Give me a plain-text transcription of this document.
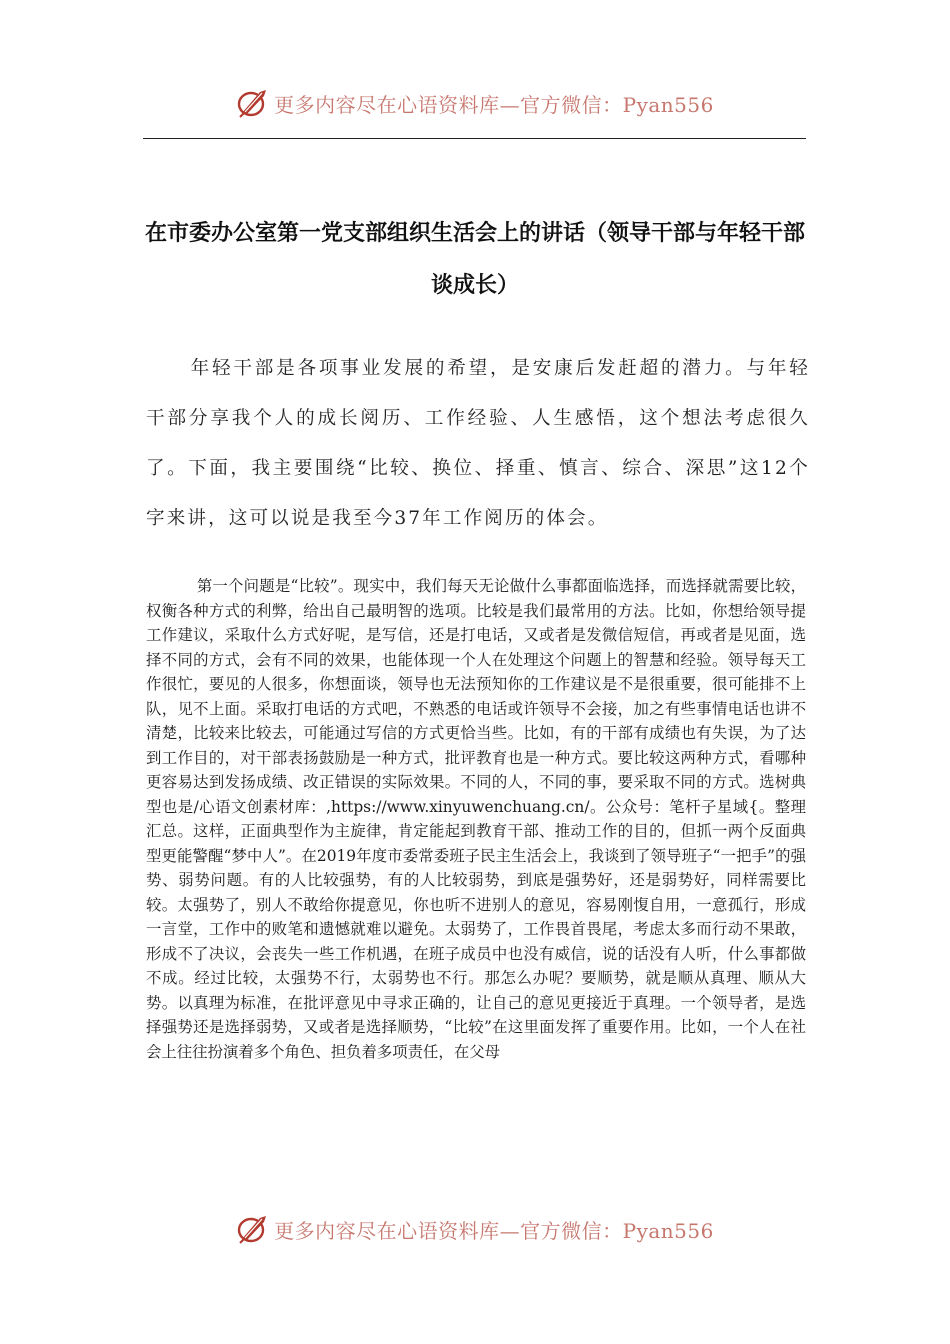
更多内容尽在心语资料库—官方微信：Pyan556
在市委办公室第一党支部组织生活会上的讲话（领导干部与年轻干部谈成长）

年轻干部是各项事业发展的希望，是安康后发赶超的潜力。与年轻干部分享我个人的成长阅历、工作经验、人生感悟，这个想法考虑很久了。下面，我主要围绕“比较、换位、择重、慎言、综合、深思”这12个字来讲，这可以说是我至今37年工作阅历的体会。

第一个问题是“比较”。现实中，我们每天无论做什么事都面临选择，而选择就需要比较，权衡各种方式的利弊，给出自己最明智的选项。比较是我们最常用的方法。比如，你想给领导提工作建议，采取什么方式好呢，是写信，还是打电话，又或者是发微信短信，再或者是见面，选择不同的方式，会有不同的效果，也能体现一个人在处理这个问题上的智慧和经验。领导每天工作很忙，要见的人很多，你想面谈，领导也无法预知你的工作建议是不是很重要，很可能排不上队，见不上面。采取打电话的方式吧，不熟悉的电话或许领导不会接，加之有些事情电话也讲不清楚，比较来比较去，可能通过写信的方式更恰当些。比如，有的干部有成绩也有失误，为了达到工作目的，对干部表扬鼓励是一种方式，批评教育也是一种方式。要比较这两种方式，看哪种更容易达到发扬成绩、改正错误的实际效果。不同的人，不同的事，要采取不同的方式。选树典型也是/心语文创素材库：,https://www.xinyuwenchuang.cn/。公众号：笔杆子星域{。整理汇总。这样，正面典型作为主旋律，肯定能起到教育干部、推动工作的目的，但抓一两个反面典型更能警醒“梦中人”。在2019年度市委常委班子民主生活会上，我谈到了领导班子“一把手”的强势、弱势问题。有的人比较强势，有的人比较弱势，到底是强势好，还是弱势好，同样需要比较。太强势了，别人不敢给你提意见，你也听不进别人的意见，容易刚愎自用，一意孤行，形成一言堂，工作中的败笔和遗憾就难以避免。太弱势了，工作畏首畏尾，考虑太多而行动不果敢，形成不了决议，会丧失一些工作机遇，在班子成员中也没有威信，说的话没有人听，什么事都做不成。经过比较，太强势不行，太弱势也不行。那怎么办呢？要顺势，就是顺从真理、顺从大势。以真理为标准，在批评意见中寻求正确的，让自己的意见更接近于真理。一个领导者，是选择强势还是选择弱势，又或者是选择顺势，“比较”在这里面发挥了重要作用。比如，一个人在社会上往往扮演着多个角色、担负着多项责任，在父母

更多内容尽在心语资料库—官方微信：Pyan556
